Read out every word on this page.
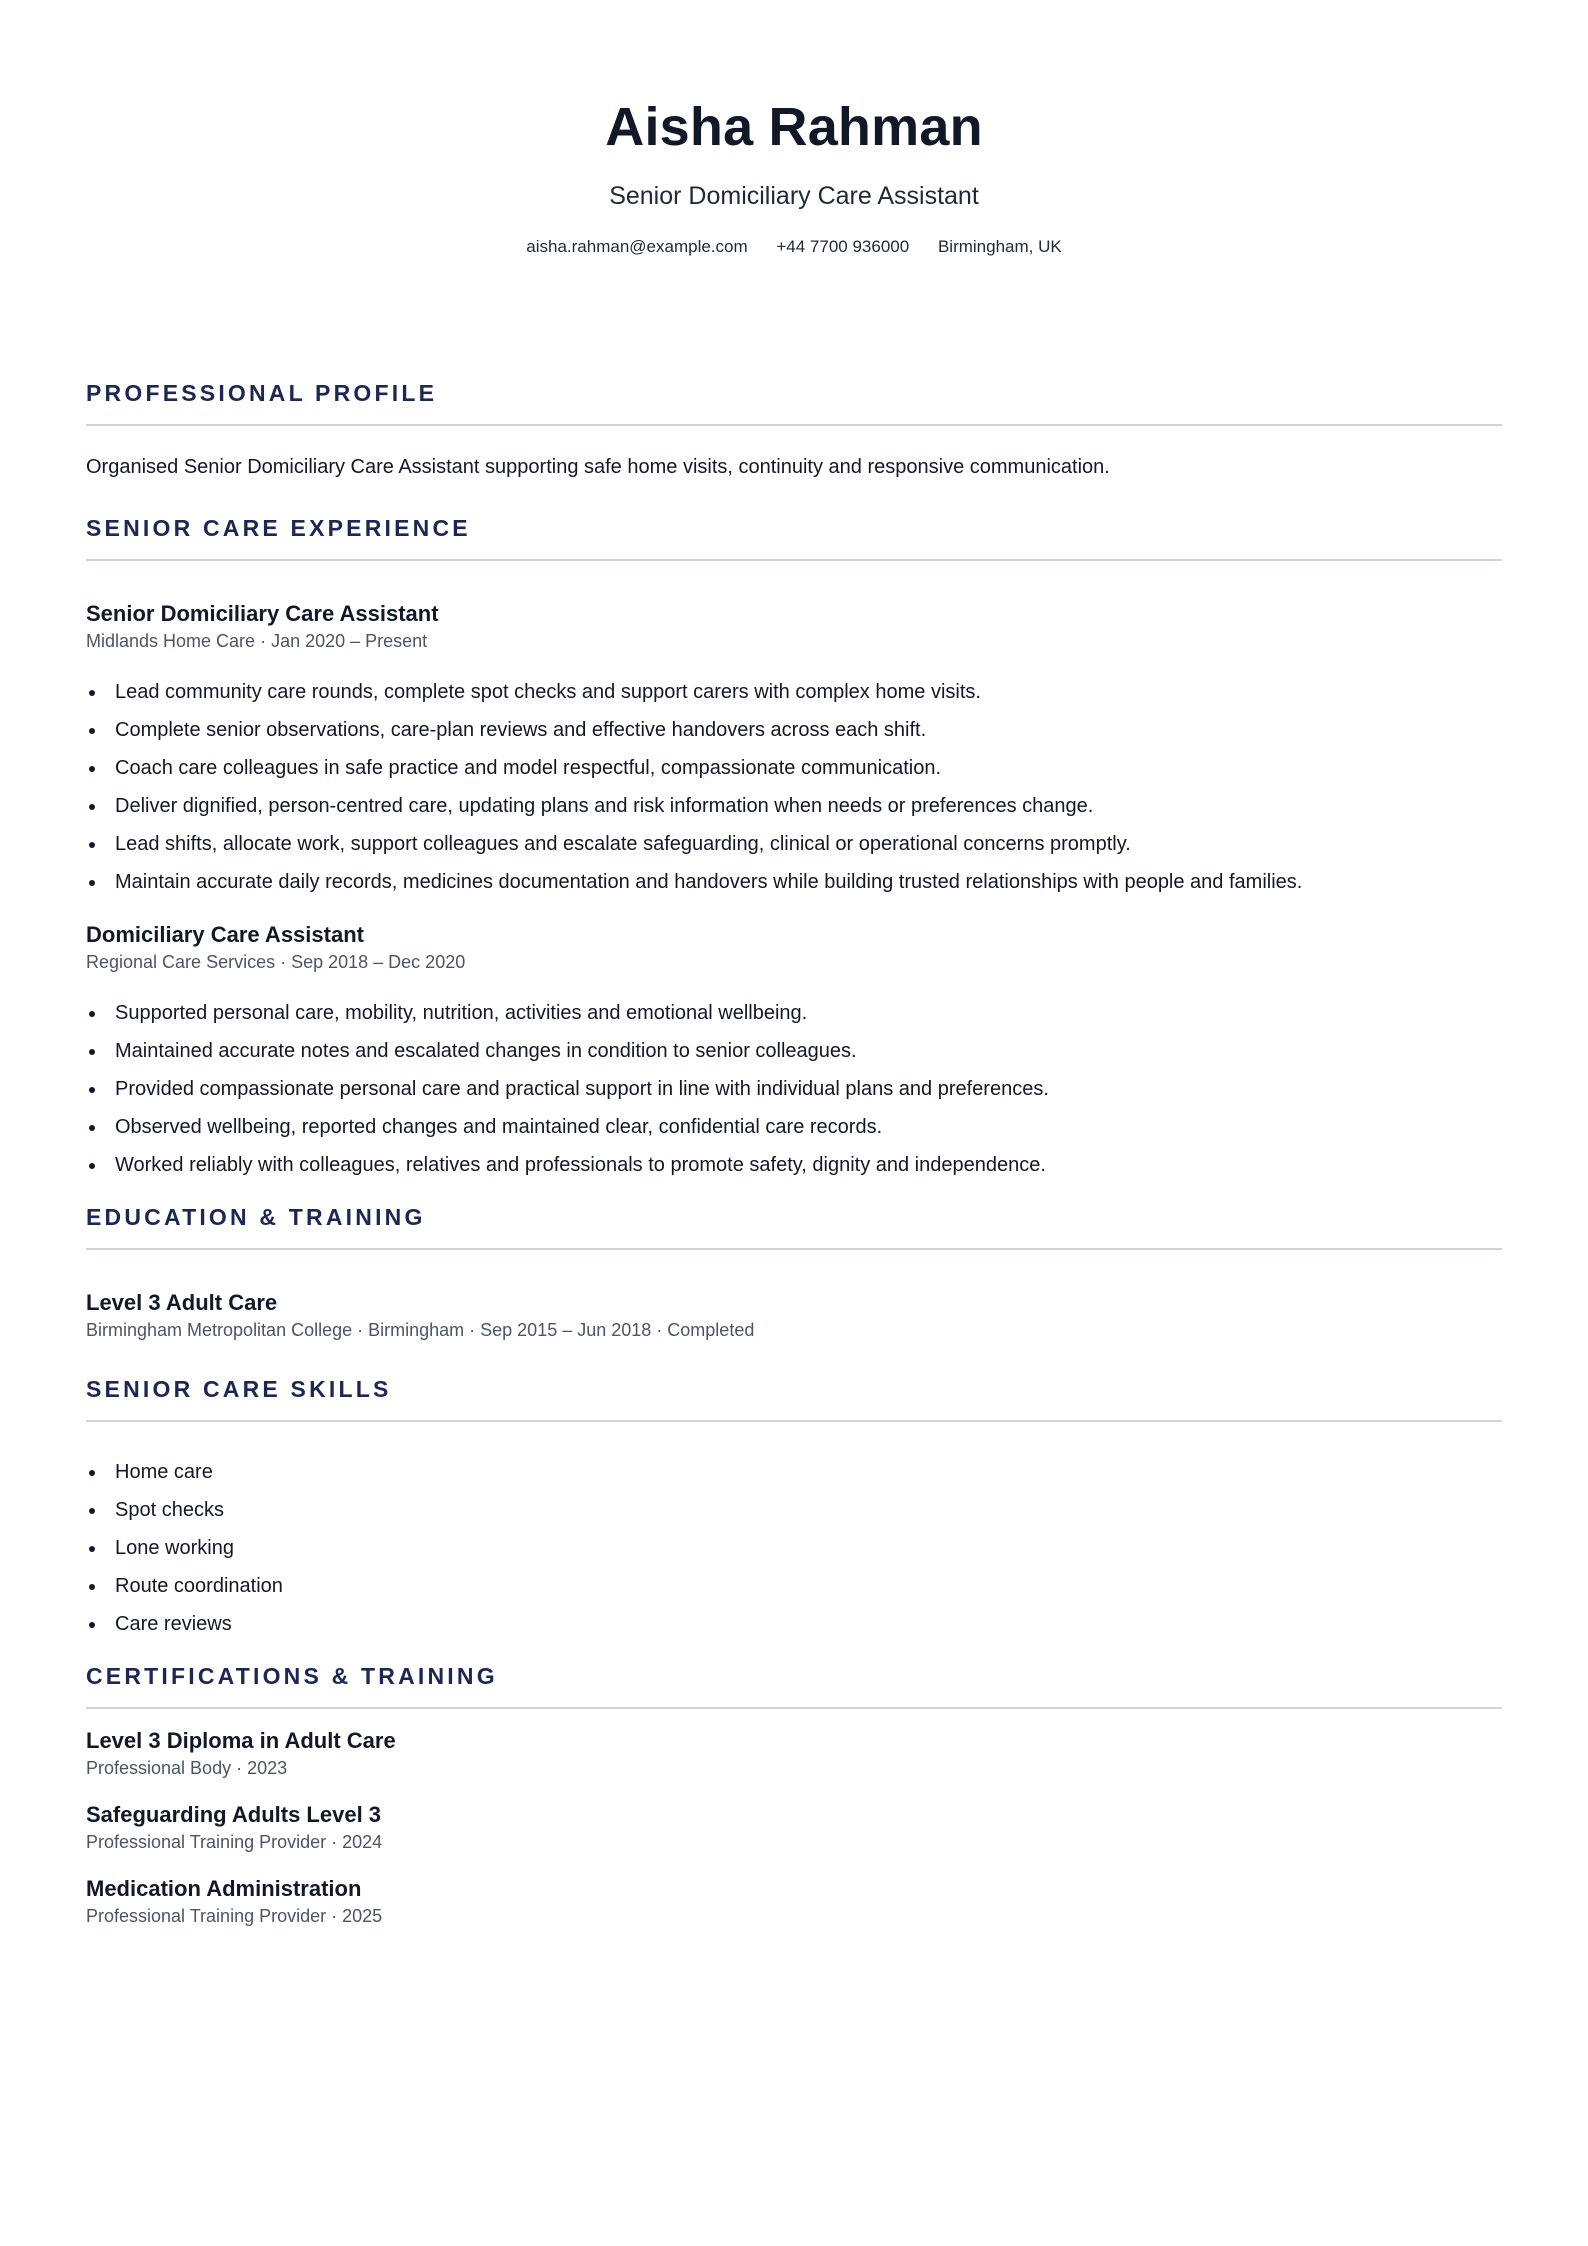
Aisha Rahman

Senior Domiciliary Care Assistant

aisha.rahman@example.com +44 7700 936000 Birmingham, UK
PROFESSIONAL PROFILE

Organised Senior Domiciliary Care Assistant supporting safe home visits, continuity and responsive communication.

SENIOR CARE EXPERIENCE
Senior Domiciliary Care Assistant

Midlands Home Care · Jan 2020 – Present

Lead community care rounds, complete spot checks and support carers with complex home visits.
Complete senior observations, care-plan reviews and effective handovers across each shift.
Coach care colleagues in safe practice and model respectful, compassionate communication.
Deliver dignified, person-centred care, updating plans and risk information when needs or preferences change.
Lead shifts, allocate work, support colleagues and escalate safeguarding, clinical or operational concerns promptly.
Maintain accurate daily records, medicines documentation and handovers while building trusted relationships with people and families.
Domiciliary Care Assistant

Regional Care Services · Sep 2018 – Dec 2020

Supported personal care, mobility, nutrition, activities and emotional wellbeing.
Maintained accurate notes and escalated changes in condition to senior colleagues.
Provided compassionate personal care and practical support in line with individual plans and preferences.
Observed wellbeing, reported changes and maintained clear, confidential care records.
Worked reliably with colleagues, relatives and professionals to promote safety, dignity and independence.
EDUCATION & TRAINING
Level 3 Adult Care

Birmingham Metropolitan College · Birmingham · Sep 2015 – Jun 2018 · Completed

SENIOR CARE SKILLS
Home care
Spot checks
Lone working
Route coordination
Care reviews
CERTIFICATIONS & TRAINING
Level 3 Diploma in Adult Care

Professional Body · 2023

Safeguarding Adults Level 3

Professional Training Provider · 2024

Medication Administration

Professional Training Provider · 2025
